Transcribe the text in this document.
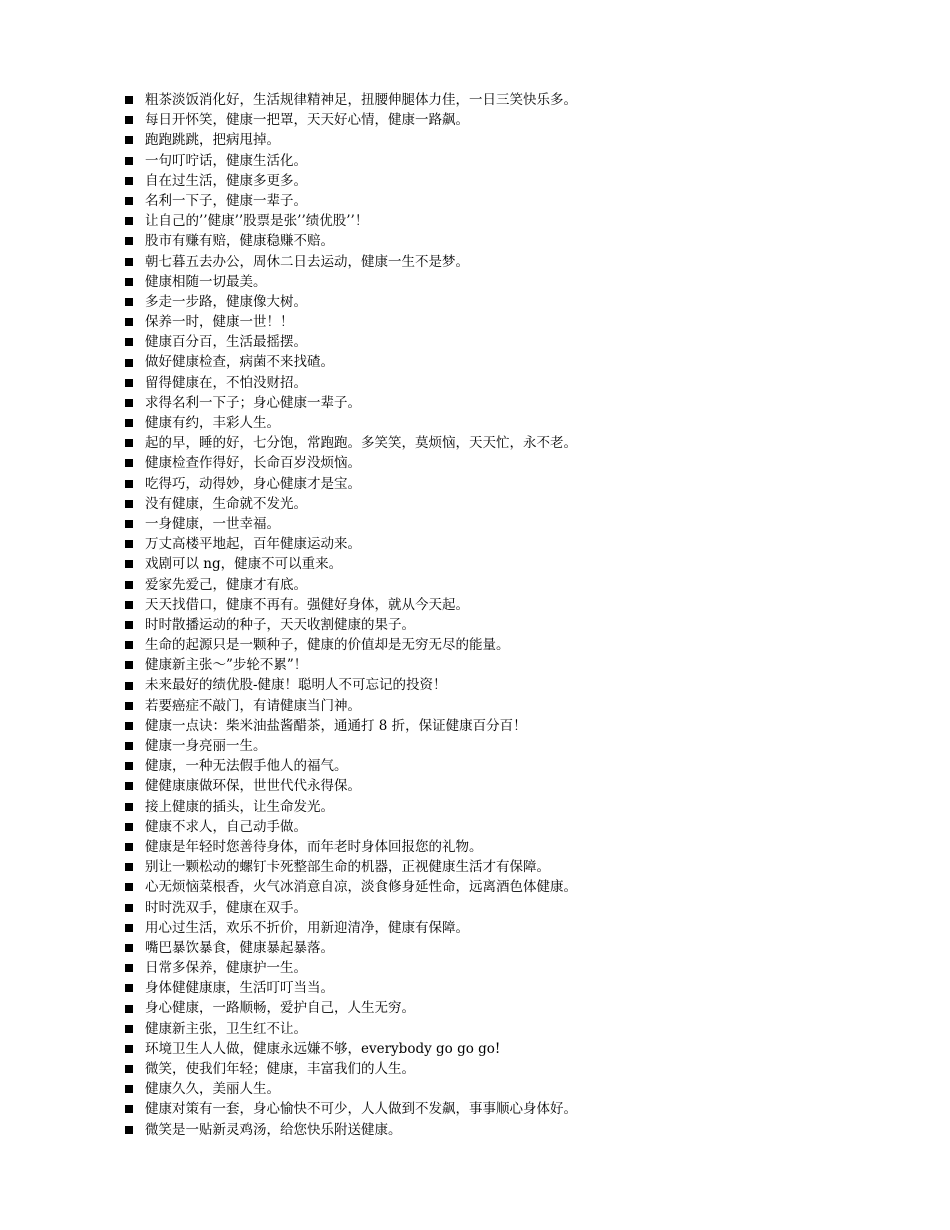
粗茶淡饭消化好，生活规律精神足，扭腰伸腿体力佳，一日三笑快乐多。
每日开怀笑，健康一把罩，天天好心情，健康一路飙。
跑跑跳跳，把病甩掉。
一句叮咛话，健康生活化。
自在过生活，健康多更多。
名利一下子，健康一辈子。
让自己的’’健康’’股票是张’’绩优股’’！
股市有赚有赔，健康稳赚不赔。
朝七暮五去办公，周休二日去运动，健康一生不是梦。
健康相随一切最美。
多走一步路，健康像大树。
保养一时，健康一世！！
健康百分百，生活最摇摆。
做好健康检查，病菌不来找碴。
留得健康在，不怕没财招。
求得名利一下子；身心健康一辈子。
健康有约，丰彩人生。
起的早，睡的好，七分饱，常跑跑。多笑笑，莫烦恼，天天忙，永不老。
健康检查作得好，长命百岁没烦恼。
吃得巧，动得妙，身心健康才是宝。
没有健康，生命就不发光。
一身健康，一世幸福。
万丈高楼平地起，百年健康运动来。
戏剧可以 ng，健康不可以重来。
爱家先爱己，健康才有底。
天天找借口，健康不再有。强健好身体，就从今天起。
时时散播运动的种子，天天收割健康的果子。
生命的起源只是一颗种子，健康的价值却是无穷无尽的能量。
健康新主张～”步轮不累”！
未来最好的绩优股-健康！聪明人不可忘记的投资！
若要癌症不敲门，有请健康当门神。
健康一点诀：柴米油盐酱醋茶，通通打 8 折，保证健康百分百！
健康一身亮丽一生。
健康，一种无法假手他人的福气。
健健康康做环保，世世代代永得保。
接上健康的插头，让生命发光。
健康不求人，自己动手做。
健康是年轻时您善待身体，而年老时身体回报您的礼物。
别让一颗松动的螺钉卡死整部生命的机器，正视健康生活才有保障。
心无烦恼菜根香，火气冰消意自凉，淡食修身延性命，远离酒色体健康。
时时洗双手，健康在双手。
用心过生活，欢乐不折价，用新迎清净，健康有保障。
嘴巴暴饮暴食，健康暴起暴落。
日常多保养，健康护一生。
身体健健康康，生活叮叮当当。
身心健康，一路顺畅，爱护自己，人生无穷。
健康新主张，卫生红不让。
环境卫生人人做，健康永远嫌不够，everybody go go go!
微笑，使我们年轻；健康，丰富我们的人生。
健康久久，美丽人生。
健康对策有一套，身心愉快不可少，人人做到不发飙，事事顺心身体好。
微笑是一贴新灵鸡汤，给您快乐附送健康。
